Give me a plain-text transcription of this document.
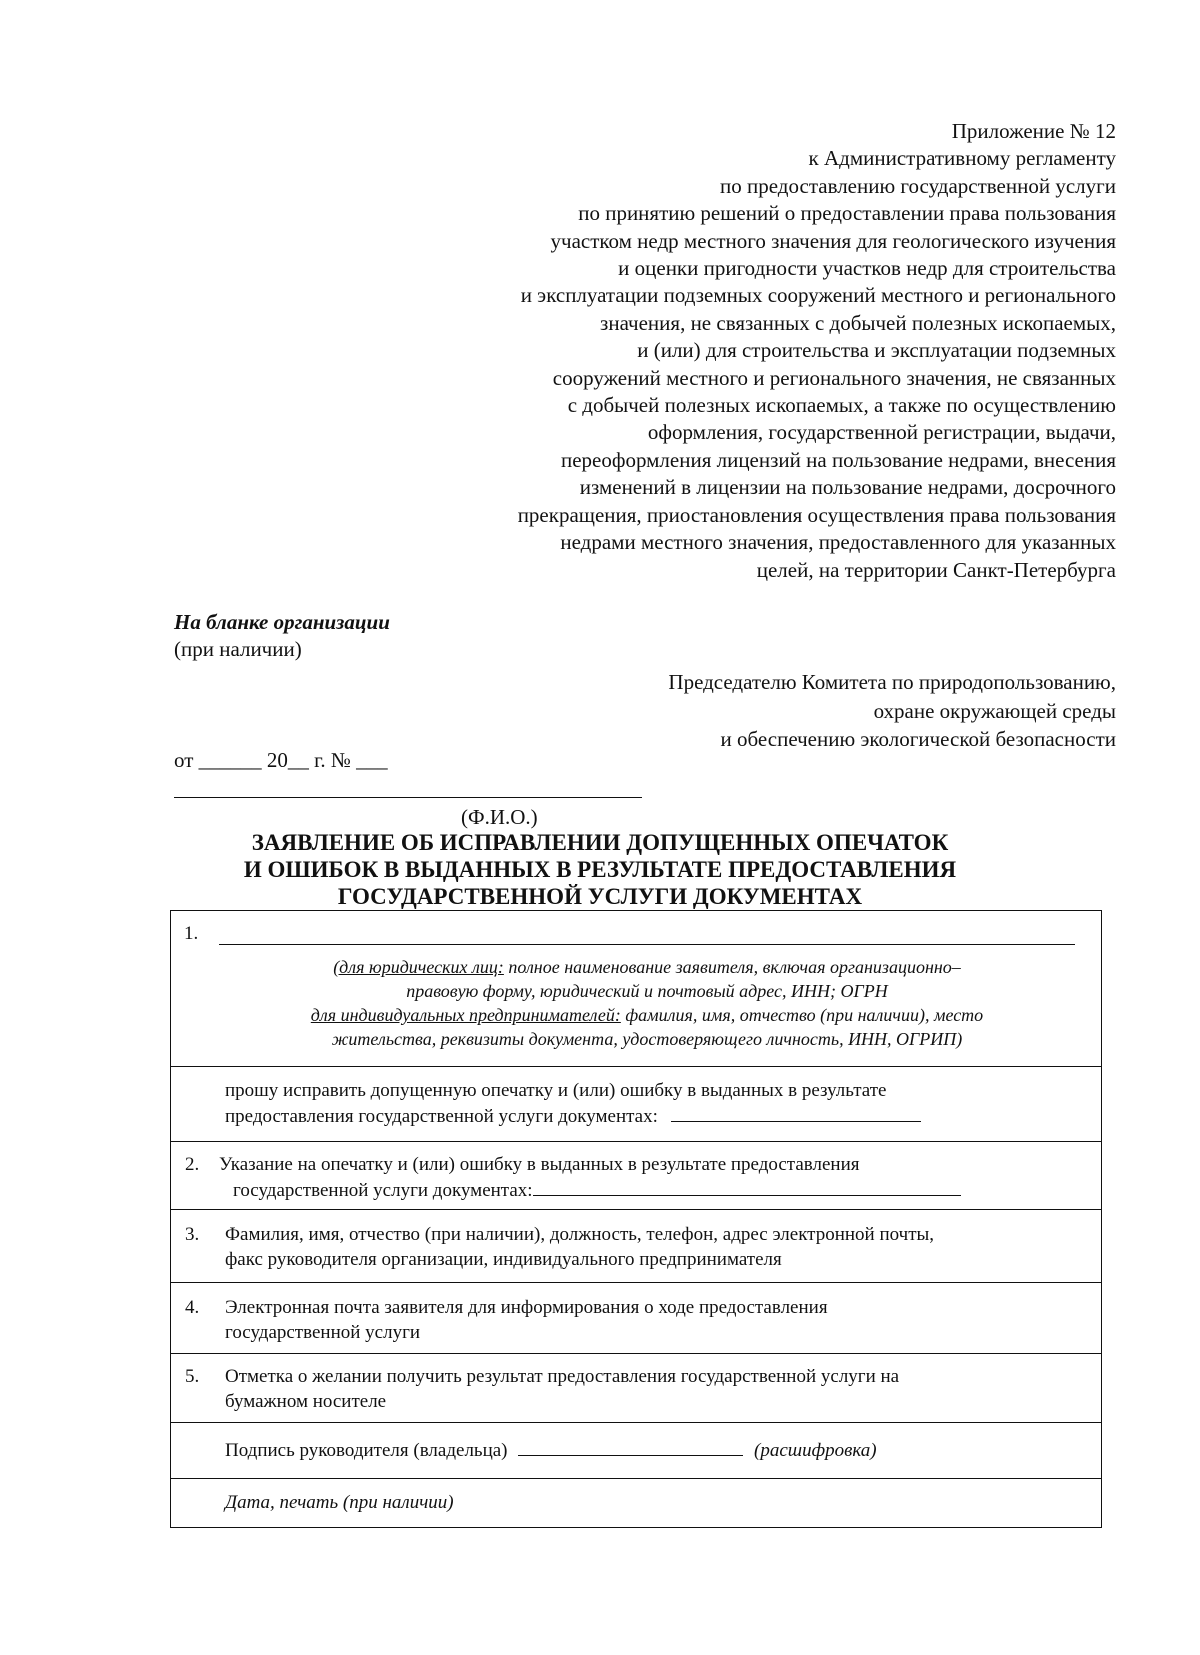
Приложение № 12
к Административному регламенту
по предоставлению государственной услуги
по принятию решений о предоставлении права пользования
участком недр местного значения для геологического изучения
и оценки пригодности участков недр для строительства
и эксплуатации подземных сооружений местного и регионального
значения, не связанных с добычей полезных ископаемых,
и (или) для строительства и эксплуатации подземных
сооружений местного и регионального значения, не связанных
с добычей полезных ископаемых, а также по осуществлению
оформления, государственной регистрации, выдачи,
переоформления лицензий на пользование недрами, внесения
изменений в лицензии на пользование недрами, досрочного
прекращения, приостановления осуществления права пользования
недрами местного значения, предоставленного для указанных
целей, на территории Санкт-Петербурга
На бланке организации
(при наличии)
Председателю Комитета по природопользованию,
охране окружающей среды
и обеспечению экологической безопасности
от ______ 20__ г. № ___
(Ф.И.О.)
ЗАЯВЛЕНИЕ ОБ ИСПРАВЛЕНИИ ДОПУЩЕННЫХ ОПЕЧАТОК
И ОШИБОК В ВЫДАННЫХ В РЕЗУЛЬТАТЕ ПРЕДОСТАВЛЕНИЯ
ГОСУДАРСТВЕННОЙ УСЛУГИ ДОКУМЕНТАХ
1.
(для юридических лиц: полное наименование заявителя, включая организационно–
правовую форму, юридический и почтовый адрес, ИНН; ОГРН
для индивидуальных предпринимателей: фамилия, имя, отчество (при наличии), место
жительства, реквизиты документа, удостоверяющего личность, ИНН, ОГРИП)

прошу исправить допущенную опечатку и (или) ошибку в выданных в результате
предоставления государственной услуги документах:

2. Указание на опечатку и (или) ошибку в выданных в результате предоставления
государственной услуги документах:

3. Фамилия, имя, отчество (при наличии), должность, телефон, адрес электронной почты,
факс руководителя организации, индивидуального предпринимателя

4. Электронная почта заявителя для информирования о ходе предоставления
государственной услуги

5. Отметка о желании получить результат предоставления государственной услуги на
бумажном носителе

Подпись руководителя (владельца)	(расшифровка)

Дата, печать (при наличии)
